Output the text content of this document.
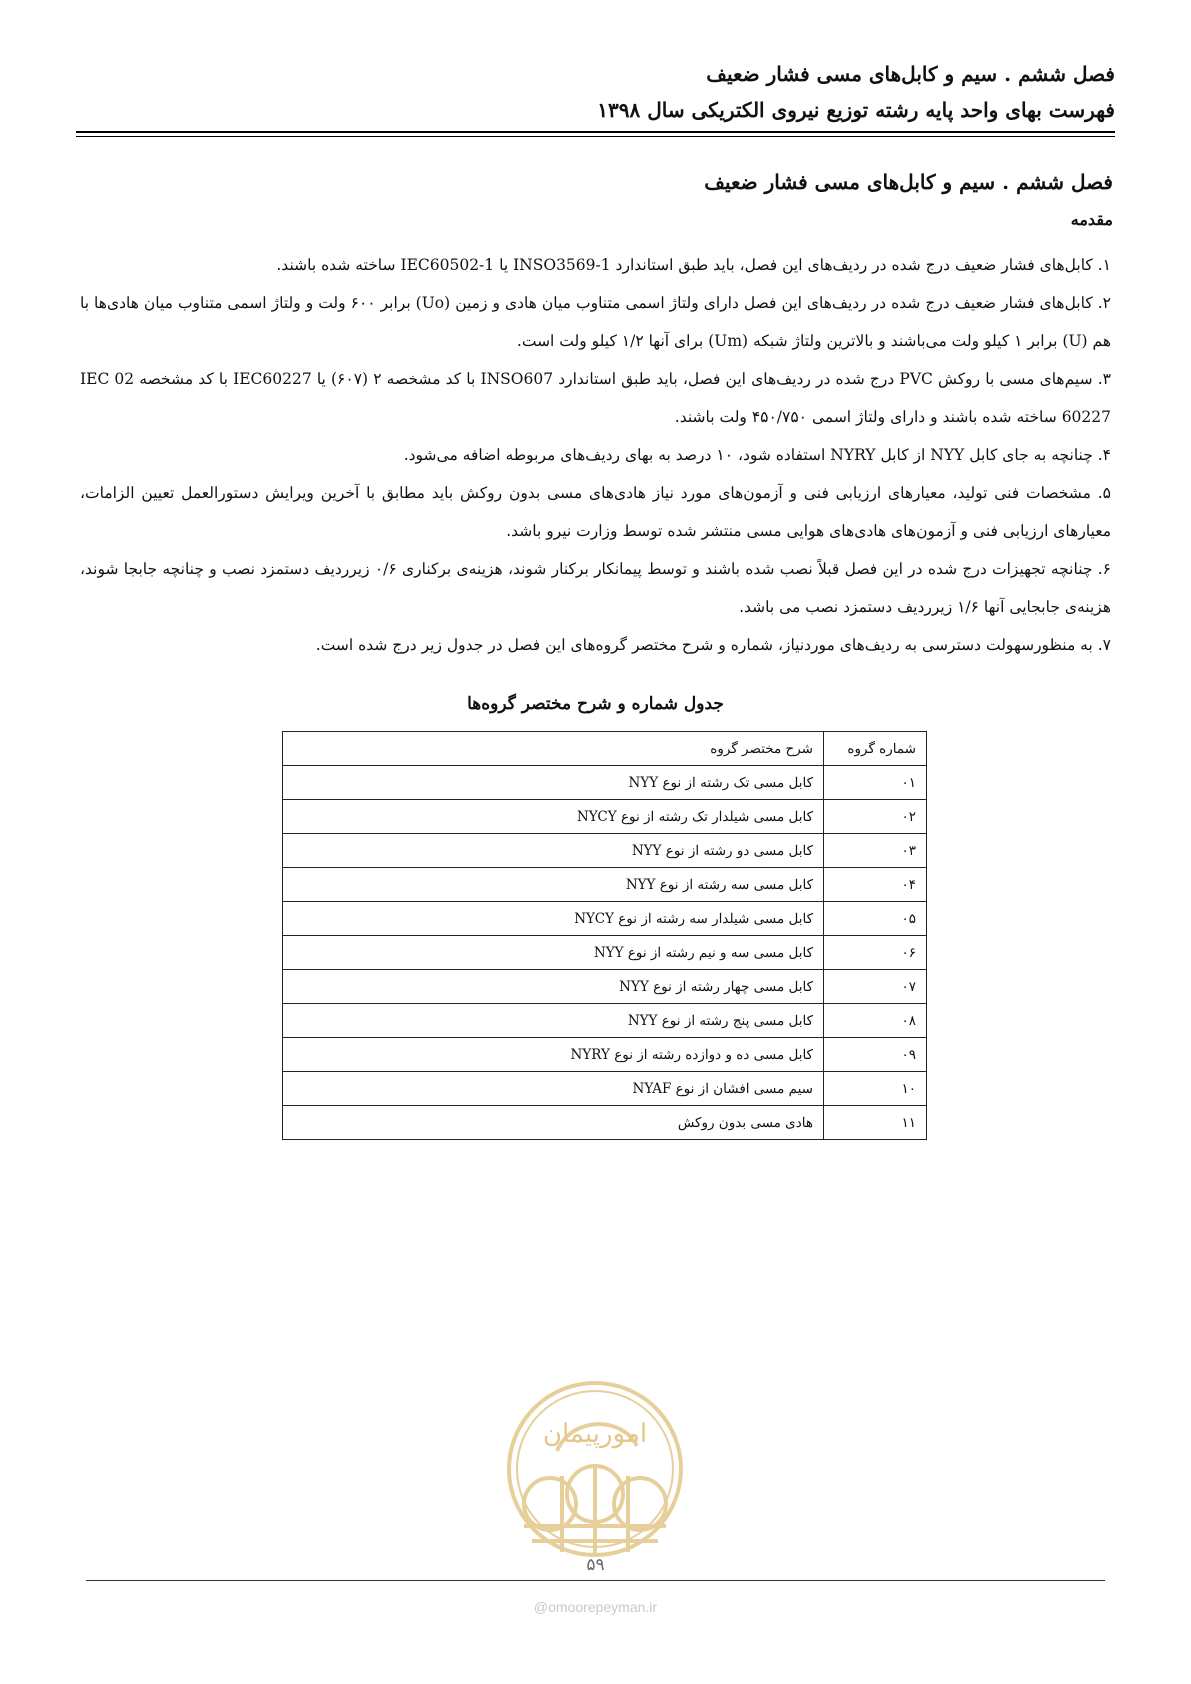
فصل ششم . سیم و کابل‌های مسی فشار ضعیف
فهرست بهای واحد پایه رشته توزیع نیروی الکتریکی سال ۱۳۹۸
فصل ششم . سیم و کابل‌های مسی فشار ضعیف
مقدمه

۱. کابل‌های فشار ضعیف درج شده در ردیف‌های این فصل، باید طبق استاندارد INSO3569-1 یا IEC60502-1 ساخته شده باشند.

۲. کابل‌های فشار ضعیف درج شده در ردیف‌های این فصل دارای ولتاژ اسمی متناوب میان هادی و زمین (Uo) برابر ۶۰۰ ولت و ولتاژ اسمی متناوب میان هادی‌ها با هم (U) برابر ۱ کیلو ولت می‌باشند و بالاترین ولتاژ شبکه (Um) برای آنها ۱/۲ کیلو ولت است.

۳. سیم‌های مسی با روکش PVC درج شده در ردیف‌های این فصل، باید طبق استاندارد INSO607 با کد مشخصه ۲ (۶۰۷) یا IEC60227 با کد مشخصه IEC 02 60227 ساخته شده باشند و دارای ولتاژ اسمی ۴۵۰/۷۵۰ ولت باشند.

۴. چنانچه به جای کابل NYY از کابل NYRY استفاده شود، ۱۰ درصد به بهای ردیف‌های مربوطه اضافه می‌شود.

۵. مشخصات فنی تولید، معیارهای ارزیابی فنی و آزمون‌های مورد نیاز هادی‌های مسی بدون روکش باید مطابق با آخرین ویرایش دستورالعمل تعیین الزامات، معیارهای ارزیابی فنی و آزمون‌های هادی‌های هوایی مسی منتشر شده توسط وزارت نیرو باشد.

۶. چنانچه تجهیزات درج شده در این فصل قبلاً نصب شده باشند و توسط پیمانکار برکنار شوند، هزینه‌ی برکناری ۰/۶ زیرردیف دستمزد نصب و چنانچه جابجا شوند، هزینه‌ی جابجایی آنها ۱/۶ زیرردیف دستمزد نصب می باشد.

۷. به منظورسهولت دسترسی به ردیف‌های موردنیاز، شماره و شرح مختصر گروه‌های این فصل در جدول زیر درج شده است.

جدول شماره و شرح مختصر گروه‌ها
شماره گروه	شرح مختصر گروه
۰۱	کابل مسی تک رشته از نوع NYY
۰۲	کابل مسی شیلدار تک رشته از نوع NYCY
۰۳	کابل مسی دو رشته از نوع NYY
۰۴	کابل مسی سه رشته از نوع NYY
۰۵	کابل مسی شیلدار سه رشته از نوع NYCY
۰۶	کابل مسی سه و نیم رشته از نوع NYY
۰۷	کابل مسی چهار رشته از نوع NYY
۰۸	کابل مسی پنج رشته از نوع NYY
۰۹	کابل مسی ده و دوازده رشته از نوع NYRY
۱۰	سیم مسی افشان از نوع NYAF
۱۱	هادی مسی بدون روکش
امورپیمان
۵۹
@omoorepeyman.ir
